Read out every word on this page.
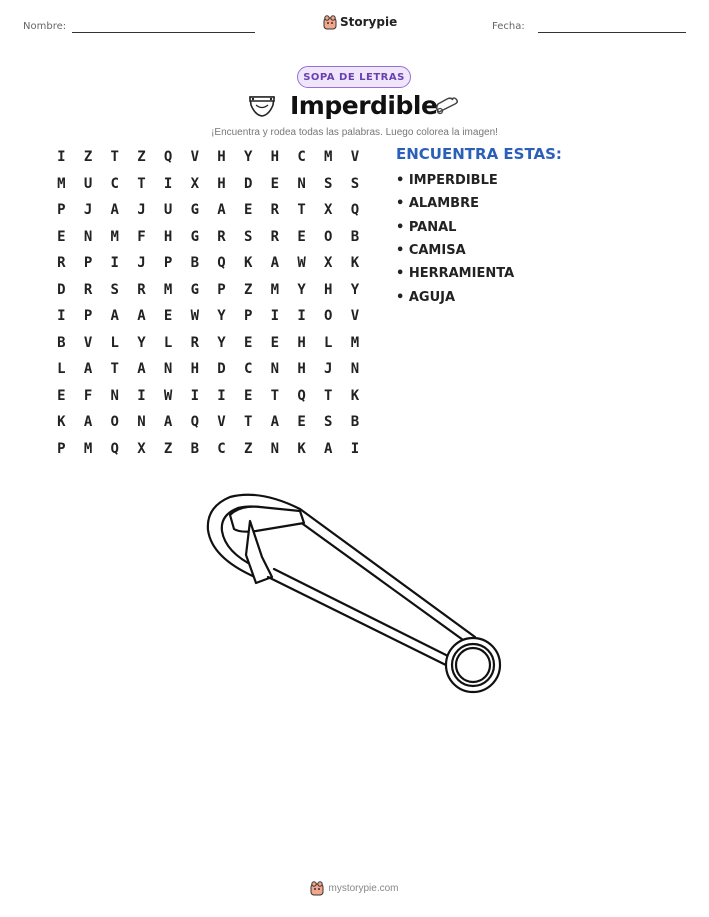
Nombre:	Storypie	Fecha:
SOPA DE LETRAS
Imperdible
¡Encuentra y rodea todas las palabras. Luego colorea la imagen!
I	Z	T	Z	Q	V	H	Y	H	C	M	V
M	U	C	T	I	X	H	D	E	N	S	S
P	J	A	J	U	G	A	E	R	T	X	Q
E	N	M	F	H	G	R	S	R	E	O	B
R	P	I	J	P	B	Q	K	A	W	X	K
D	R	S	R	M	G	P	Z	M	Y	H	Y
I	P	A	A	E	W	Y	P	I	I	O	V
B	V	L	Y	L	R	Y	E	E	H	L	M
L	A	T	A	N	H	D	C	N	H	J	N
E	F	N	I	W	I	I	E	T	Q	T	K
K	A	O	N	A	Q	V	T	A	E	S	B
P	M	Q	X	Z	B	C	Z	N	K	A	I
ENCUENTRA ESTAS:
• IMPERDIBLE
• ALAMBRE
• PANAL
• CAMISA
• HERRAMIENTA
• AGUJA
mystorypie.com
